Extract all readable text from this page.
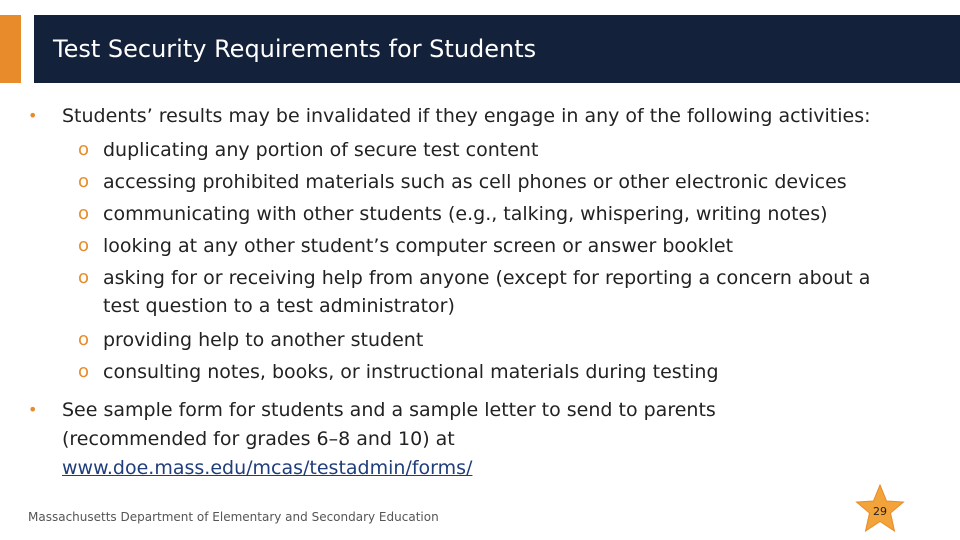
Test Security Requirements for Students
• Students’ results may be invalidated if they engage in any of the following activities:
o duplicating any portion of secure test content
o accessing prohibited materials such as cell phones or other electronic devices
o communicating with other students (e.g., talking, whispering, writing notes)
o looking at any other student’s computer screen or answer booklet
o asking for or receiving help from anyone (except for reporting a concern about a
test question to a test administrator)
o providing help to another student
o consulting notes, books, or instructional materials during testing
• See sample form for students and a sample letter to send to parents
(recommended for grades 6–8 and 10) at
www.doe.mass.edu/mcas/testadmin/forms/
Massachusetts Department of Elementary and Secondary Education	29
